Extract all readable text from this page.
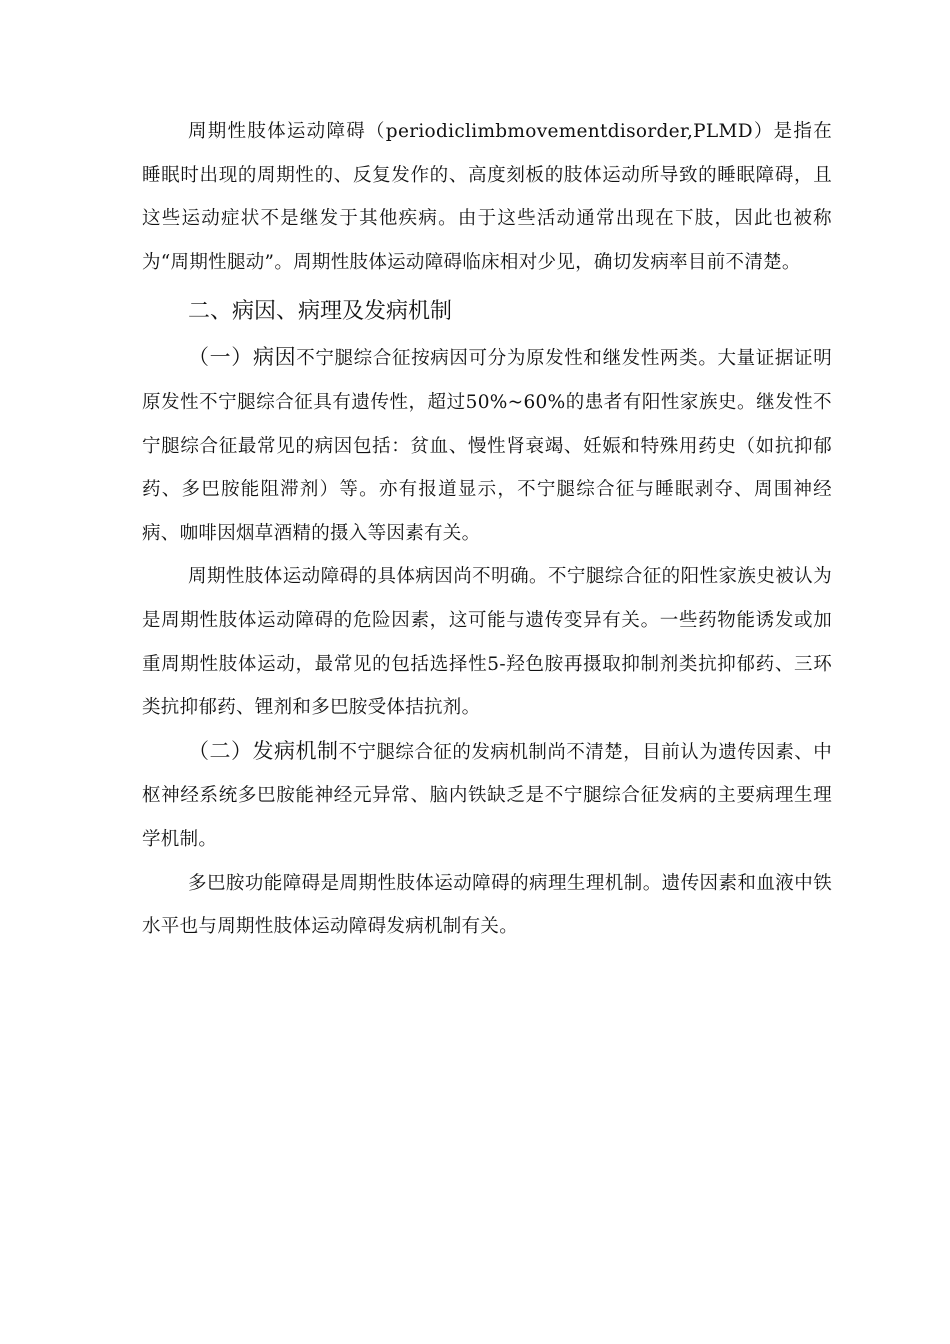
周期性肢体运动障碍（periodiclimbmovementdisorder,PLMD）是指在睡眠时出现的周期性的、反复发作的、高度刻板的肢体运动所导致的睡眠障碍，且这些运动症状不是继发于其他疾病。由于这些活动通常出现在下肢，因此也被称为“周期性腿动”。周期性肢体运动障碍临床相对少见，确切发病率目前不清楚。

二、病因、病理及发病机制

（一）病因不宁腿综合征按病因可分为原发性和继发性两类。大量证据证明原发性不宁腿综合征具有遗传性，超过50%~60%的患者有阳性家族史。继发性不宁腿综合征最常见的病因包括：贫血、慢性肾衰竭、妊娠和特殊用药史（如抗抑郁药、多巴胺能阻滞剂）等。亦有报道显示，不宁腿综合征与睡眠剥夺、周围神经病、咖啡因烟草酒精的摄入等因素有关。

周期性肢体运动障碍的具体病因尚不明确。不宁腿综合征的阳性家族史被认为是周期性肢体运动障碍的危险因素，这可能与遗传变异有关。一些药物能诱发或加重周期性肢体运动，最常见的包括选择性5-羟色胺再摄取抑制剂类抗抑郁药、三环类抗抑郁药、锂剂和多巴胺受体拮抗剂。

（二）发病机制不宁腿综合征的发病机制尚不清楚，目前认为遗传因素、中枢神经系统多巴胺能神经元异常、脑内铁缺乏是不宁腿综合征发病的主要病理生理学机制。

多巴胺功能障碍是周期性肢体运动障碍的病理生理机制。遗传因素和血液中铁水平也与周期性肢体运动障碍发病机制有关。
